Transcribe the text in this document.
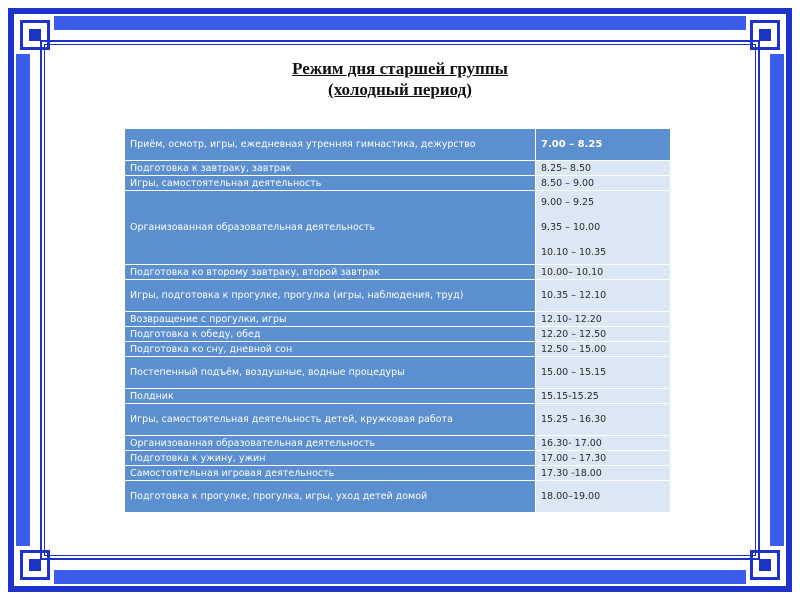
Режим дня старшей группы
(холодный период)
Приём, осмотр, игры, ежедневная утренняя гимнастика, дежурство	7.00 – 8.25

Подготовка к завтраку, завтрак	8.25– 8.50

Игры, самостоятельная деятельность	8.50 – 9.00

Организованная образовательная деятельность	9.00 – 9.25
9.35 – 10.00
10.10 – 10.35

Подготовка ко второму завтраку, второй завтрак	10.00– 10.10

Игры, подготовка к прогулке, прогулка (игры, наблюдения, труд)	10.35 – 12.10

Возвращение с прогулки, игры	12.10- 12.20

Подготовка к обеду, обед	12.20 – 12.50

Подготовка ко сну, дневной сон	12.50 – 15.00

Постепенный подъём, воздушные, водные процедуры	15.00 – 15.15

Полдник	15.15-15.25

Игры, самостоятельная деятельность детей, кружковая работа	15.25 – 16.30

Организованная образовательная деятельность	16.30- 17.00

Подготовка к ужину, ужин	17.00 – 17.30

Самостоятельная игровая деятельность	17.30 -18.00

Подготовка к прогулке, прогулка, игры, уход детей домой	18.00–19.00
